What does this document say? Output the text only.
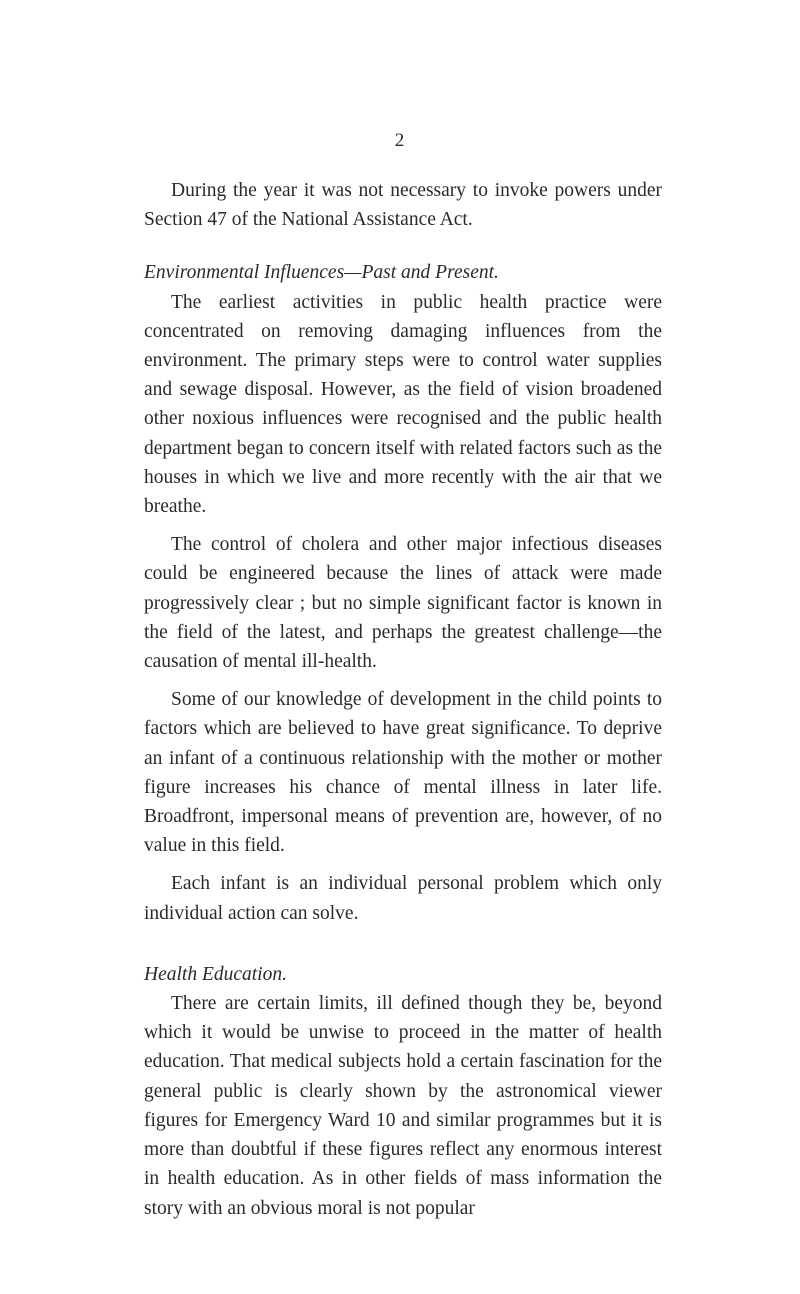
2

During the year it was not necessary to invoke powers under Section 47 of the National Assistance Act.

Environmental Influences—Past and Present.

The earliest activities in public health practice were concentrated on removing damaging influences from the environment. The primary steps were to control water supplies and sewage disposal. However, as the field of vision broadened other noxious influences were recognised and the public health department began to concern itself with related factors such as the houses in which we live and more recently with the air that we breathe.

The control of cholera and other major infectious diseases could be engineered because the lines of attack were made progressively clear ; but no simple significant factor is known in the field of the latest, and perhaps the greatest challenge—the causation of mental ill-health.

Some of our knowledge of development in the child points to factors which are believed to have great significance. To deprive an infant of a continuous relationship with the mother or mother figure increases his chance of mental illness in later life. Broadfront, impersonal means of prevention are, however, of no value in this field.

Each infant is an individual personal problem which only individual action can solve.

Health Education.

There are certain limits, ill defined though they be, beyond which it would be unwise to proceed in the matter of health education. That medical subjects hold a certain fascination for the general public is clearly shown by the astronomical viewer figures for Emergency Ward 10 and similar programmes but it is more than doubtful if these figures reflect any enormous interest in health education. As in other fields of mass information the story with an obvious moral is not popular
